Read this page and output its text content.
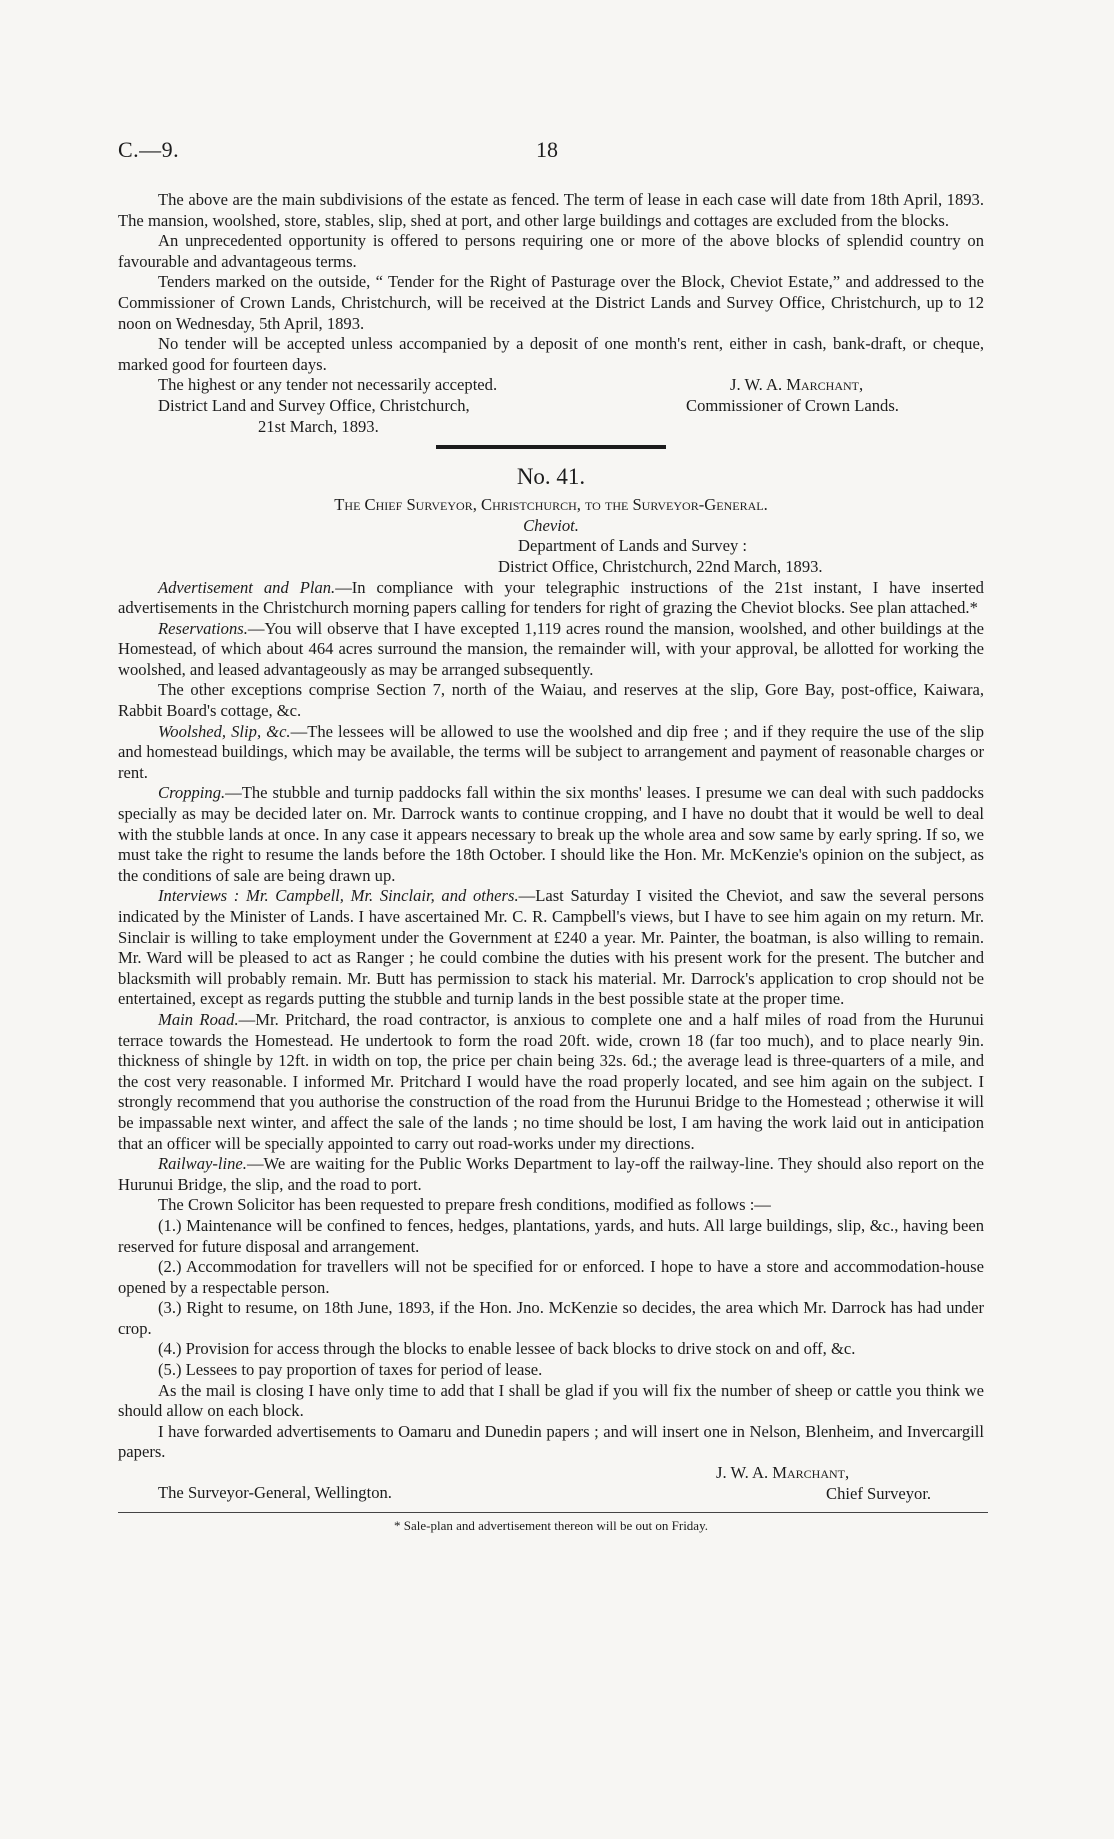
C.—9.	18

The above are the main subdivisions of the estate as fenced. The term of lease in each case will date from 18th April, 1893. The mansion, woolshed, store, stables, slip, shed at port, and other large buildings and cottages are excluded from the blocks.

An unprecedented opportunity is offered to persons requiring one or more of the above blocks of splendid country on favourable and advantageous terms.

Tenders marked on the outside, “ Tender for the Right of Pasturage over the Block, Cheviot Estate,” and addressed to the Commissioner of Crown Lands, Christchurch, will be received at the District Lands and Survey Office, Christchurch, up to 12 noon on Wednesday, 5th April, 1893.

No tender will be accepted unless accompanied by a deposit of one month's rent, either in cash, bank-draft, or cheque, marked good for fourteen days.

The highest or any tender not necessarily accepted.
District Land and Survey Office, Christchurch,
21st March, 1893.
J. W. A. Marchant,
Commissioner of Crown Lands.
No. 41.
The Chief Surveyor, Christchurch, to the Surveyor-General.
Cheviot.
Department of Lands and Survey :
District Office, Christchurch, 22nd March, 1893.

Advertisement and Plan.—In compliance with your telegraphic instructions of the 21st instant, I have inserted advertisements in the Christchurch morning papers calling for tenders for right of grazing the Cheviot blocks. See plan attached.*

Reservations.—You will observe that I have excepted 1,119 acres round the mansion, woolshed, and other buildings at the Homestead, of which about 464 acres surround the mansion, the remainder will, with your approval, be allotted for working the woolshed, and leased advantageously as may be arranged subsequently.

The other exceptions comprise Section 7, north of the Waiau, and reserves at the slip, Gore Bay, post-office, Kaiwara, Rabbit Board's cottage, &c.

Woolshed, Slip, &c.—The lessees will be allowed to use the woolshed and dip free ; and if they require the use of the slip and homestead buildings, which may be available, the terms will be subject to arrangement and payment of reasonable charges or rent.

Cropping.—The stubble and turnip paddocks fall within the six months' leases. I presume we can deal with such paddocks specially as may be decided later on. Mr. Darrock wants to continue cropping, and I have no doubt that it would be well to deal with the stubble lands at once. In any case it appears necessary to break up the whole area and sow same by early spring. If so, we must take the right to resume the lands before the 18th October. I should like the Hon. Mr. McKenzie's opinion on the subject, as the conditions of sale are being drawn up.

Interviews : Mr. Campbell, Mr. Sinclair, and others.—Last Saturday I visited the Cheviot, and saw the several persons indicated by the Minister of Lands. I have ascertained Mr. C. R. Campbell's views, but I have to see him again on my return. Mr. Sinclair is willing to take employment under the Government at £240 a year. Mr. Painter, the boatman, is also willing to remain. Mr. Ward will be pleased to act as Ranger ; he could combine the duties with his present work for the present. The butcher and blacksmith will probably remain. Mr. Butt has permission to stack his material. Mr. Darrock's application to crop should not be entertained, except as regards putting the stubble and turnip lands in the best possible state at the proper time.

Main Road.—Mr. Pritchard, the road contractor, is anxious to complete one and a half miles of road from the Hurunui terrace towards the Homestead. He undertook to form the road 20ft. wide, crown 18 (far too much), and to place nearly 9in. thickness of shingle by 12ft. in width on top, the price per chain being 32s. 6d.; the average lead is three-quarters of a mile, and the cost very reasonable. I informed Mr. Pritchard I would have the road properly located, and see him again on the subject. I strongly recommend that you authorise the construction of the road from the Hurunui Bridge to the Homestead ; otherwise it will be impassable next winter, and affect the sale of the lands ; no time should be lost, I am having the work laid out in anticipation that an officer will be specially appointed to carry out road-works under my directions.

Railway-line.—We are waiting for the Public Works Department to lay-off the railway-line. They should also report on the Hurunui Bridge, the slip, and the road to port.

The Crown Solicitor has been requested to prepare fresh conditions, modified as follows :—

(1.) Maintenance will be confined to fences, hedges, plantations, yards, and huts. All large buildings, slip, &c., having been reserved for future disposal and arrangement.

(2.) Accommodation for travellers will not be specified for or enforced. I hope to have a store and accommodation-house opened by a respectable person.

(3.) Right to resume, on 18th June, 1893, if the Hon. Jno. McKenzie so decides, the area which Mr. Darrock has had under crop.

(4.) Provision for access through the blocks to enable lessee of back blocks to drive stock on and off, &c.

(5.) Lessees to pay proportion of taxes for period of lease.

As the mail is closing I have only time to add that I shall be glad if you will fix the number of sheep or cattle you think we should allow on each block.

I have forwarded advertisements to Oamaru and Dunedin papers ; and will insert one in Nelson, Blenheim, and Invercargill papers.

The Surveyor-General, Wellington.
J. W. A. Marchant,
Chief Surveyor.
* Sale-plan and advertisement thereon will be out on Friday.
